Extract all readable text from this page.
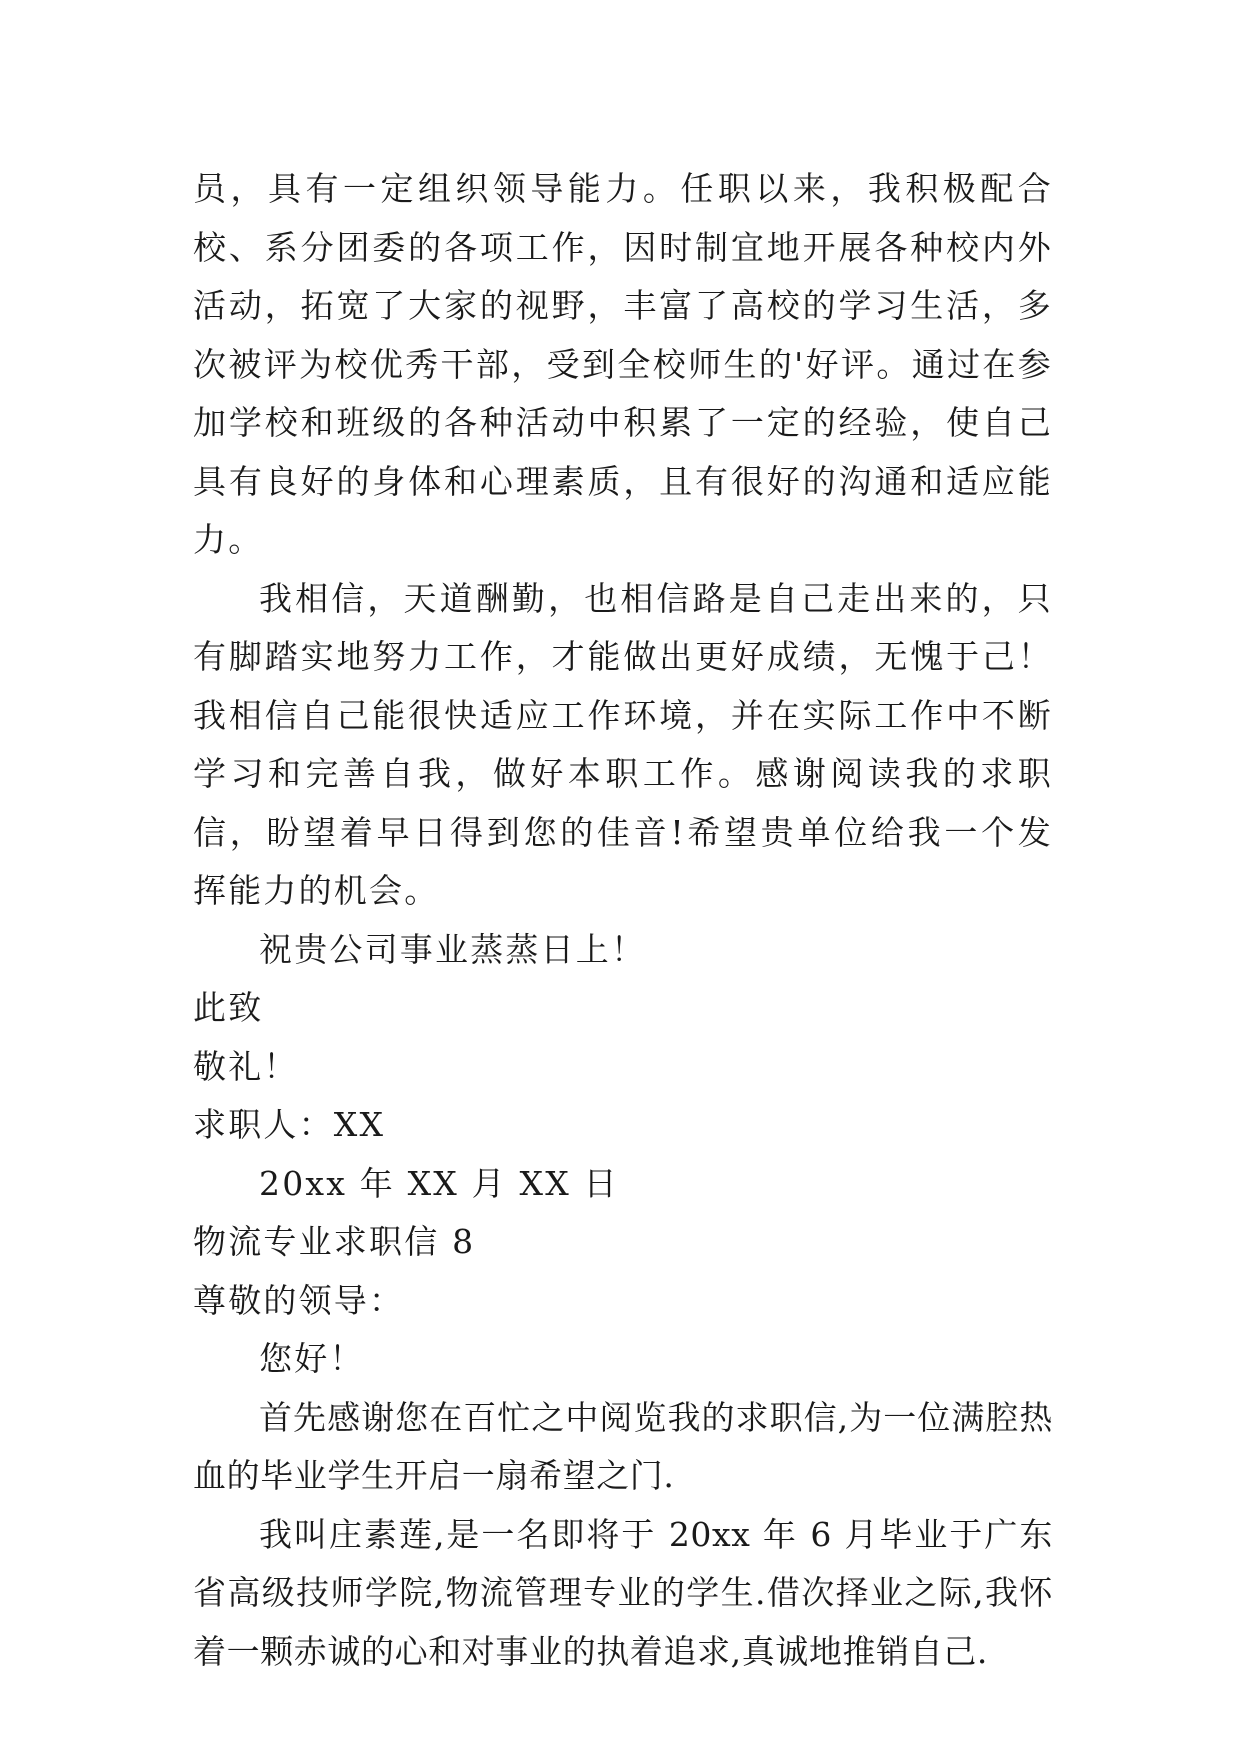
员，具有一定组织领导能力。任职以来，我积极配合校、系分团委的各项工作，因时制宜地开展各种校内外活动，拓宽了大家的视野，丰富了高校的学习生活，多次被评为校优秀干部，受到全校师生的'好评。通过在参加学校和班级的各种活动中积累了一定的经验，使自己具有良好的身体和心理素质，且有很好的沟通和适应能力。

我相信，天道酬勤，也相信路是自己走出来的，只有脚踏实地努力工作，才能做出更好成绩，无愧于己！我相信自己能很快适应工作环境，并在实际工作中不断学习和完善自我，做好本职工作。感谢阅读我的求职信，盼望着早日得到您的佳音!希望贵单位给我一个发挥能力的机会。

祝贵公司事业蒸蒸日上！

此致

敬礼！

求职人：XX

20xx 年 XX 月 XX 日

物流专业求职信 8

尊敬的领导：

您好！

首先感谢您在百忙之中阅览我的求职信,为一位满腔热血的毕业学生开启一扇希望之门.

我叫庄素莲,是一名即将于 20xx 年 6 月毕业于广东省高级技师学院,物流管理专业的学生.借次择业之际,我怀着一颗赤诚的心和对事业的执着追求,真诚地推销自己.
